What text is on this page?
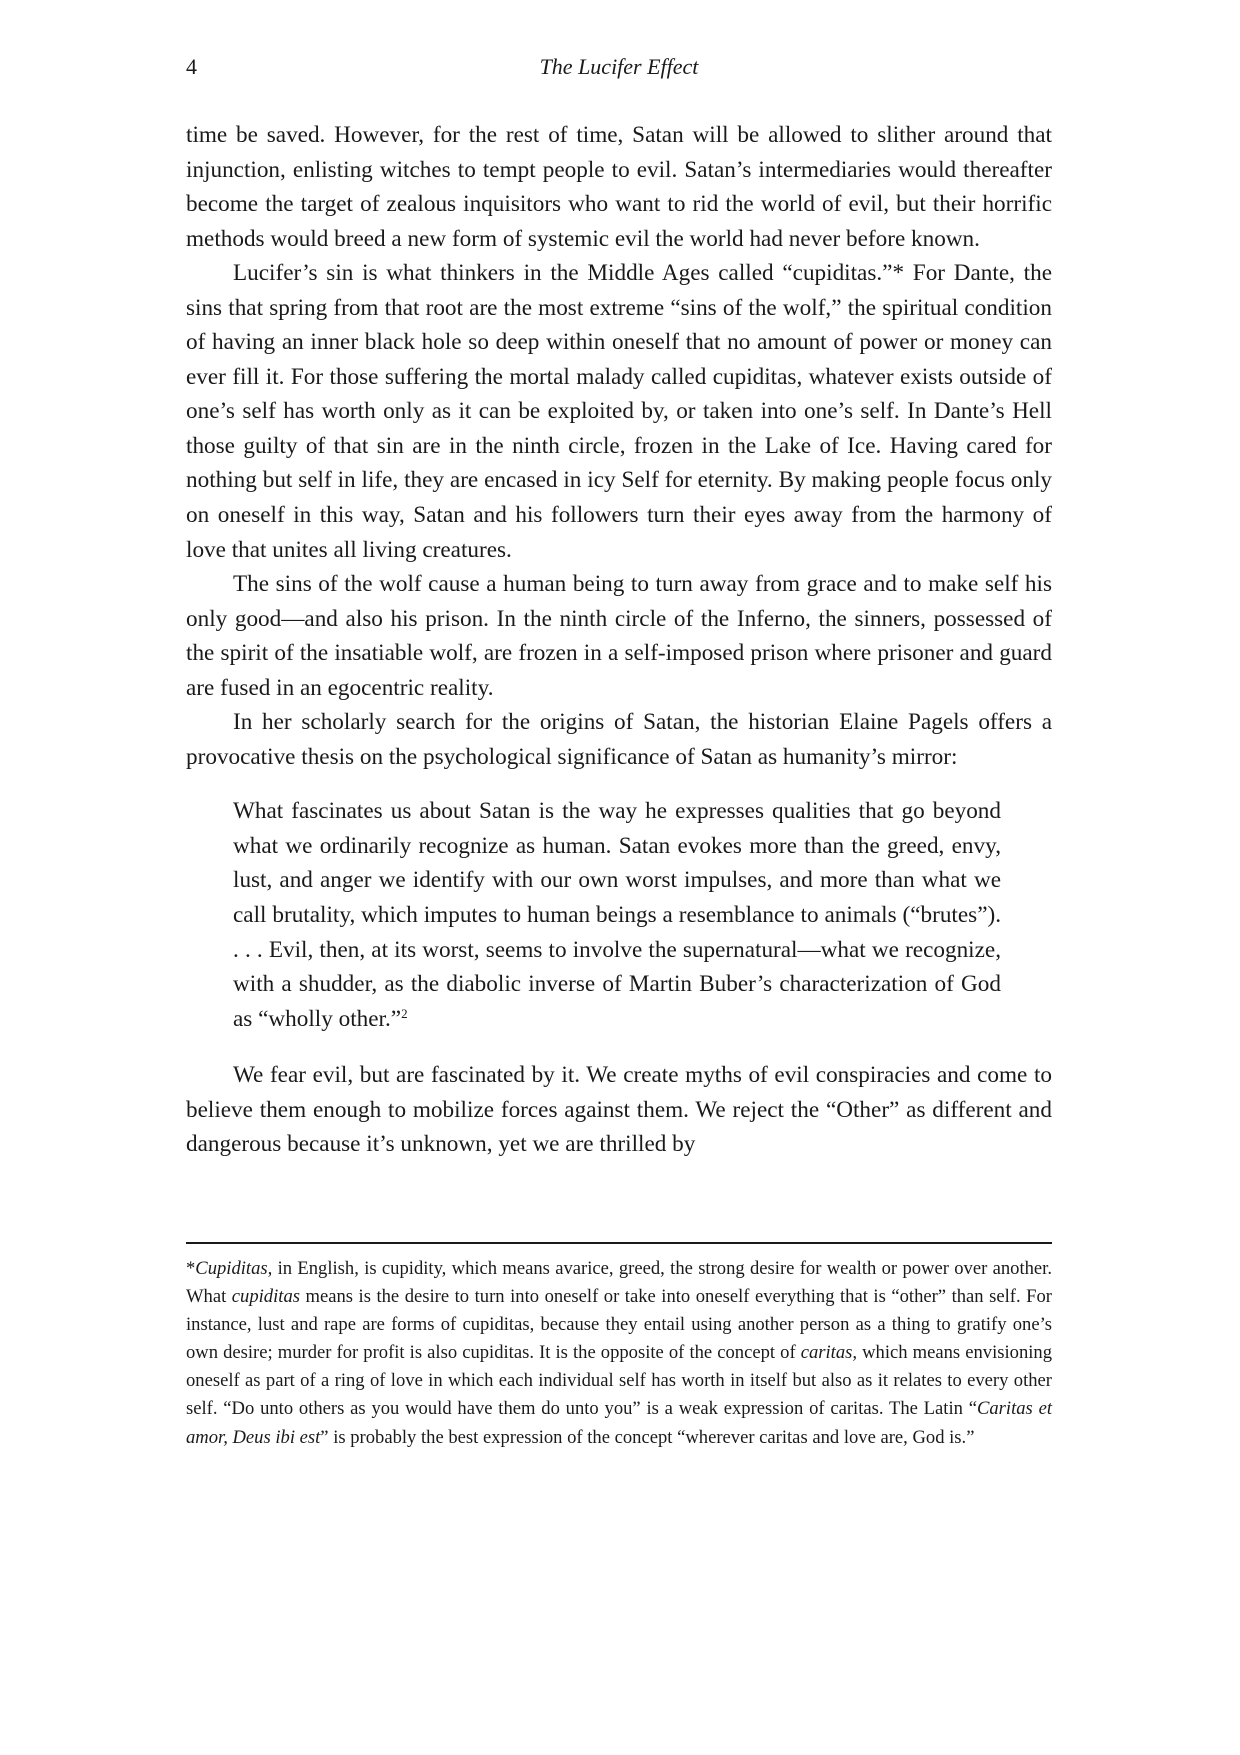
4	The Lucifer Effect

time be saved. However, for the rest of time, Satan will be allowed to slither around that injunction, enlisting witches to tempt people to evil. Satan’s intermediaries would thereafter become the target of zealous inquisitors who want to rid the world of evil, but their horrific methods would breed a new form of systemic evil the world had never before known.

Lucifer’s sin is what thinkers in the Middle Ages called “cupiditas.”* For Dante, the sins that spring from that root are the most extreme “sins of the wolf,” the spiritual condition of having an inner black hole so deep within oneself that no amount of power or money can ever fill it. For those suffering the mortal malady called cupiditas, whatever exists outside of one’s self has worth only as it can be exploited by, or taken into one’s self. In Dante’s Hell those guilty of that sin are in the ninth circle, frozen in the Lake of Ice. Having cared for nothing but self in life, they are encased in icy Self for eternity. By making people focus only on oneself in this way, Satan and his followers turn their eyes away from the harmony of love that unites all living creatures.

The sins of the wolf cause a human being to turn away from grace and to make self his only good—and also his prison. In the ninth circle of the Inferno, the sinners, possessed of the spirit of the insatiable wolf, are frozen in a self-imposed prison where prisoner and guard are fused in an egocentric reality.

In her scholarly search for the origins of Satan, the historian Elaine Pagels offers a provocative thesis on the psychological significance of Satan as humanity’s mirror:

What fascinates us about Satan is the way he expresses qualities that go beyond what we ordinarily recognize as human. Satan evokes more than the greed, envy, lust, and anger we identify with our own worst impulses, and more than what we call brutality, which imputes to human beings a resemblance to animals (“brutes”). . . . Evil, then, at its worst, seems to involve the supernatural—what we recognize, with a shudder, as the diabolic inverse of Martin Buber’s characterization of God as “wholly other.”$^2$

We fear evil, but are fascinated by it. We create myths of evil conspiracies and come to believe them enough to mobilize forces against them. We reject the “Other” as different and dangerous because it’s unknown, yet we are thrilled by

*Cupiditas, in English, is cupidity, which means avarice, greed, the strong desire for wealth or power over another. What cupiditas means is the desire to turn into oneself or take into oneself everything that is “other” than self. For instance, lust and rape are forms of cupiditas, because they entail using another person as a thing to gratify one’s own desire; murder for profit is also cupiditas. It is the opposite of the concept of caritas, which means envisioning oneself as part of a ring of love in which each individual self has worth in itself but also as it relates to every other self. “Do unto others as you would have them do unto you” is a weak expression of caritas. The Latin “Caritas et amor, Deus ibi est” is probably the best expression of the concept “wherever caritas and love are, God is.”
